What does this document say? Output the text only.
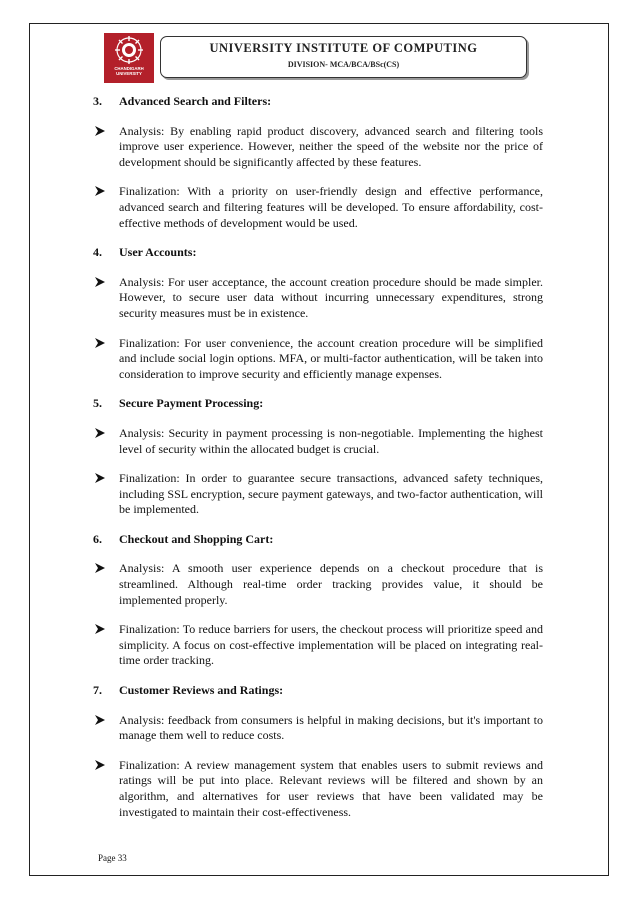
CHANDIGARH UNIVERSITY
UNIVERSITY INSTITUTE OF COMPUTING
DIVISION- MCA/BCA/BSc(CS)
3. Advanced Search and Filters:
Analysis: By enabling rapid product discovery, advanced search and filtering tools improve user experience. However, neither the speed of the website nor the price of development should be significantly affected by these features.
Finalization: With a priority on user-friendly design and effective performance, advanced search and filtering features will be developed. To ensure affordability, cost-effective methods of development would be used.
4. User Accounts:
Analysis: For user acceptance, the account creation procedure should be made simpler. However, to secure user data without incurring unnecessary expenditures, strong security measures must be in existence.
Finalization: For user convenience, the account creation procedure will be simplified and include social login options. MFA, or multi-factor authentication, will be taken into consideration to improve security and efficiently manage expenses.
5. Secure Payment Processing:
Analysis: Security in payment processing is non-negotiable. Implementing the highest level of security within the allocated budget is crucial.
Finalization: In order to guarantee secure transactions, advanced safety techniques, including SSL encryption, secure payment gateways, and two-factor authentication, will be implemented.
6. Checkout and Shopping Cart:
Analysis: A smooth user experience depends on a checkout procedure that is streamlined. Although real-time order tracking provides value, it should be implemented properly.
Finalization: To reduce barriers for users, the checkout process will prioritize speed and simplicity. A focus on cost-effective implementation will be placed on integrating real-time order tracking.
7. Customer Reviews and Ratings:
Analysis: feedback from consumers is helpful in making decisions, but it's important to manage them well to reduce costs.
Finalization: A review management system that enables users to submit reviews and ratings will be put into place. Relevant reviews will be filtered and shown by an algorithm, and alternatives for user reviews that have been validated may be investigated to maintain their cost-effectiveness.
Page 33
